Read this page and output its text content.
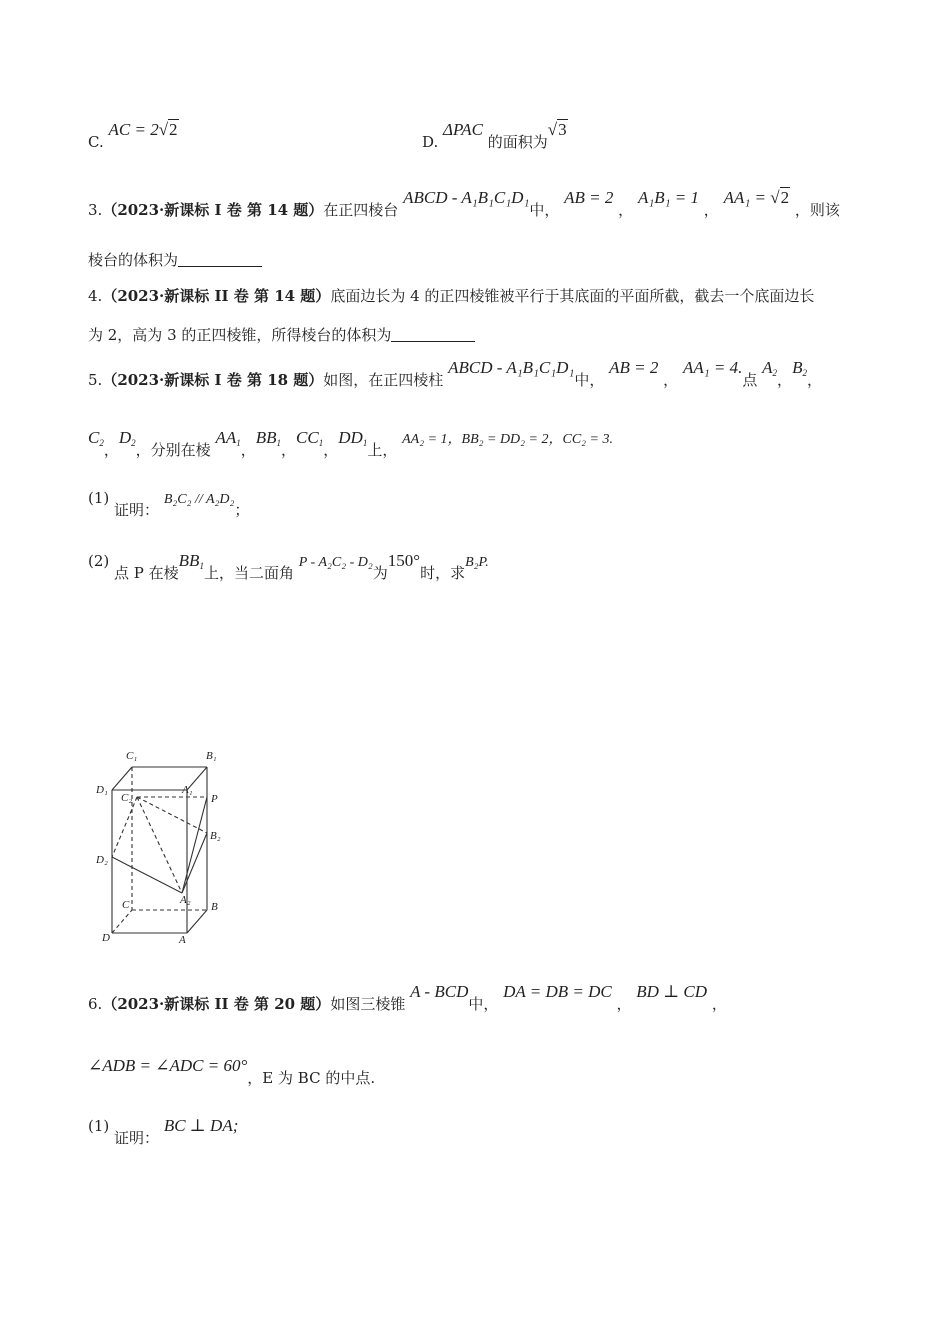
C. AC = 2√2
D. ΔPAC 的面积为√3
3.（2023·新课标 I 卷 第 14 题）在正四棱台 ABCD - A₁B₁C₁D₁中， AB = 2 ， A₁B₁ = 1 ， AA₁ = √2 ，则该
棱台的体积为
4.（2023·新课标 II 卷 第 14 题）底面边长为 4 的正四棱锥被平行于其底面的平面所截，截去一个底面边长
为 2，高为 3 的正四棱锥，所得棱台的体积为
5.（2023·新课标 I 卷 第 18 题）如图，在正四棱柱 ABCD - A₁B₁C₁D₁中， AB = 2 ， AA₁ = 4.点 $A_2$，$B_2$，
$C_2$，$D_2$，分别在棱 $AA_1$，$BB_1$，$CC_1$，$DD_1$上， AA₂ = 1，BB₂ = DD₂ = 2，CC₂ = 3.
(1) 证明： B₂C₂ // A₂D₂；
(2) 点 P 在棱$BB_1$上，当二面角 P - A₂C₂ - D₂为150°时，求B₂P.
C₁	B₁
D₁
C₂
A₁
P
B₂
D₂
A₂
C	B
D	A
6.（2023·新课标 II 卷 第 20 题）如图三棱锥 A - BCD中， DA = DB = DC ， BD ⊥ CD ，
∠ADB = ∠ADC = 60°，E 为 BC 的中点.
(1) 证明： BC ⊥ DA;
